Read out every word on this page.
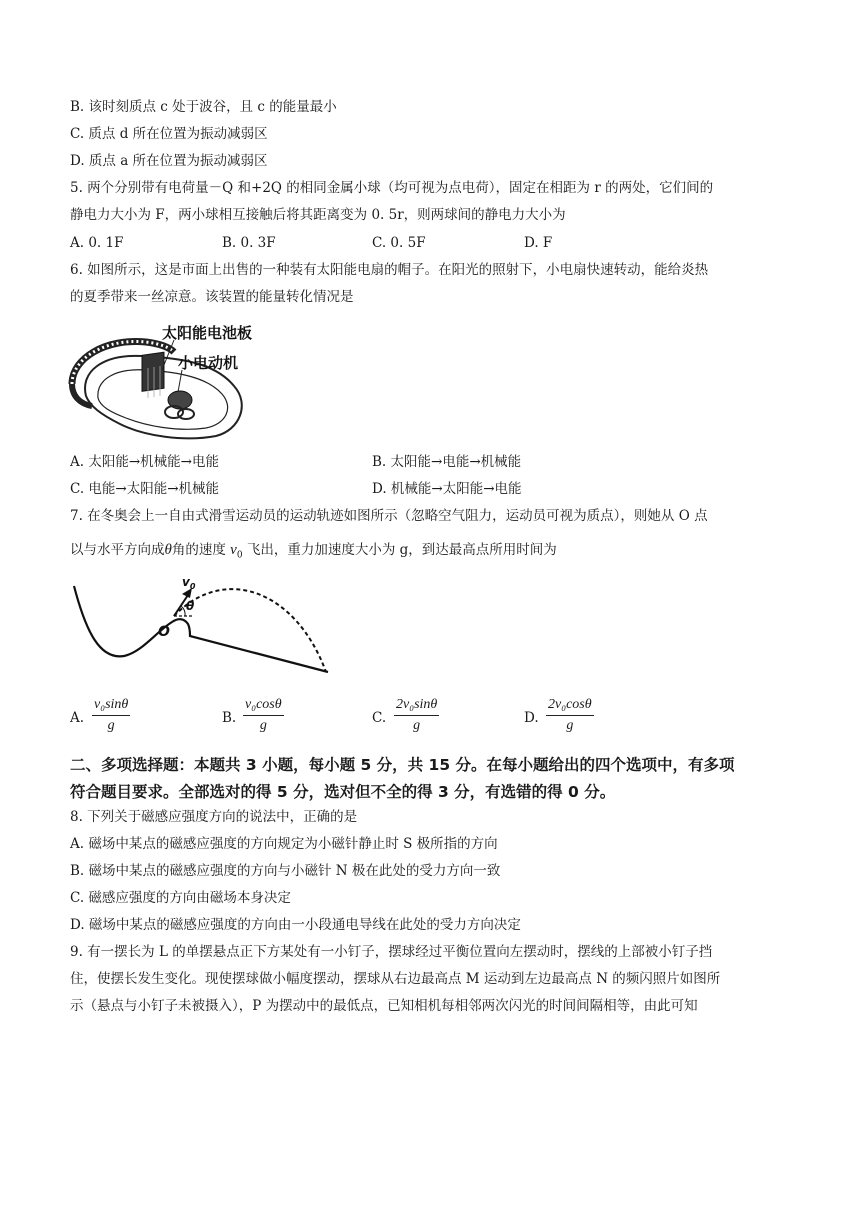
B. 该时刻质点 c 处于波谷，且 c 的能量最小
C. 质点 d 所在位置为振动减弱区
D. 质点 a 所在位置为振动减弱区
5. 两个分别带有电荷量－Q 和+2Q 的相同金属小球（均可视为点电荷），固定在相距为 r 的两处，它们间的
静电力大小为 F，两小球相互接触后将其距离变为 0. 5r，则两球间的静电力大小为
A. 0. 1F	B. 0. 3F	C. 0. 5F	D. F
6. 如图所示，这是市面上出售的一种装有太阳能电扇的帽子。在阳光的照射下，小电扇快速转动，能给炎热
的夏季带来一丝凉意。该装置的能量转化情况是
太阳能电池板
小电动机
A. 太阳能→机械能→电能	B. 太阳能→电能→机械能
C. 电能→太阳能→机械能	D. 机械能→太阳能→电能
7. 在冬奥会上一自由式滑雪运动员的运动轨迹如图所示（忽略空气阻力，运动员可视为质点），则她从 O 点
以与水平方向成θ角的速度 $v_0$ 飞出，重力加速度大小为 g，到达最高点所用时间为
$v_0$
θ
O
A. $\frac{\text{v₀sinθ}}{g}$	B. $\frac{\text{v₀cosθ}}{g}$	C. $\frac{\text{2v₀sinθ}}{g}$	D. $\frac{\text{2v₀cosθ}}{g}$
二、多项选择题：本题共 3 小题，每小题 5 分，共 15 分。在每小题给出的四个选项中，有多项
符合题目要求。全部选对的得 5 分，选对但不全的得 3 分，有选错的得 0 分。
8. 下列关于磁感应强度方向的说法中，正确的是
A. 磁场中某点的磁感应强度的方向规定为小磁针静止时 S 极所指的方向
B. 磁场中某点的磁感应强度的方向与小磁针 N 极在此处的受力方向一致
C. 磁感应强度的方向由磁场本身决定
D. 磁场中某点的磁感应强度的方向由一小段通电导线在此处的受力方向决定
9. 有一摆长为 L 的单摆悬点正下方某处有一小钉子，摆球经过平衡位置向左摆动时，摆线的上部被小钉子挡
住，使摆长发生变化。现使摆球做小幅度摆动，摆球从右边最高点 M 运动到左边最高点 N 的频闪照片如图所
示（悬点与小钉子未被摄入），P 为摆动中的最低点，已知相机每相邻两次闪光的时间间隔相等，由此可知
